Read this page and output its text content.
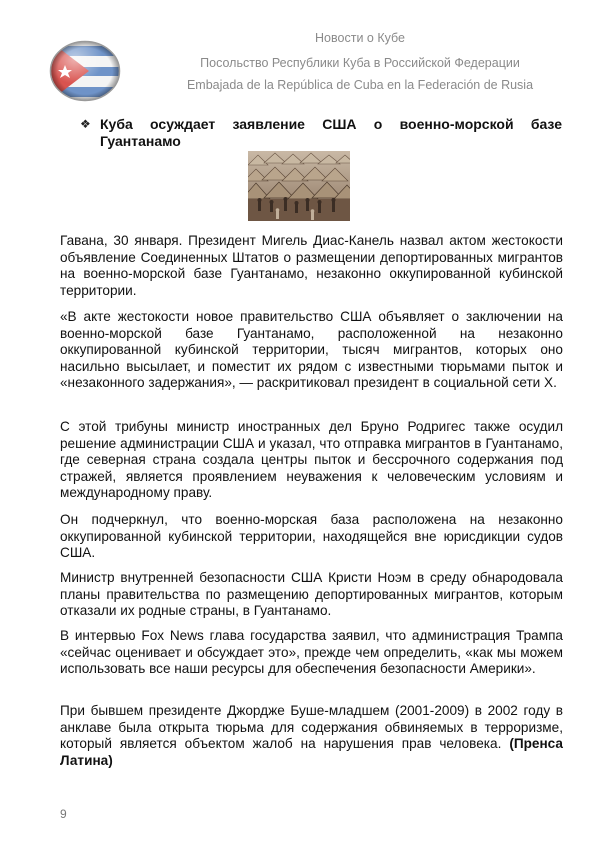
Новости о Кубе
Посольство Республики Куба в Российской Федерации
Embajada de la República de Cuba en la Federación de Rusia
❖ Куба осуждает заявление США о военно-морской базе Гуантанамо
Гавана, 30 января. Президент Мигель Диас-Канель назвал актом жестокости объявление Соединенных Штатов о размещении депортированных мигрантов на военно-морской базе Гуантанамо, незаконно оккупированной кубинской территории.
«В акте жестокости новое правительство США объявляет о заключении на военно-морской базе Гуантанамо, расположенной на незаконно оккупированной кубинской территории, тысяч мигрантов, которых оно насильно высылает, и поместит их рядом с известными тюрьмами пыток и «незаконного задержания», — раскритиковал президент в социальной сети Х.
С этой трибуны министр иностранных дел Бруно Родригес также осудил решение администрации США и указал, что отправка мигрантов в Гуантанамо, где северная страна создала центры пыток и бессрочного содержания под стражей, является проявлением неуважения к человеческим условиям и международному праву.
Он подчеркнул, что военно-морская база расположена на незаконно оккупированной кубинской территории, находящейся вне юрисдикции судов США.
Министр внутренней безопасности США Кристи Ноэм в среду обнародовала планы правительства по размещению депортированных мигрантов, которым отказали их родные страны, в Гуантанамо.
В интервью Fox News глава государства заявил, что администрация Трампа «сейчас оценивает и обсуждает это», прежде чем определить, «как мы можем использовать все наши ресурсы для обеспечения безопасности Америки».
При бывшем президенте Джордже Буше-младшем (2001-2009) в 2002 году в анклаве была открыта тюрьма для содержания обвиняемых в терроризме, который является объектом жалоб на нарушения прав человека. (Пренса Латина)
9
